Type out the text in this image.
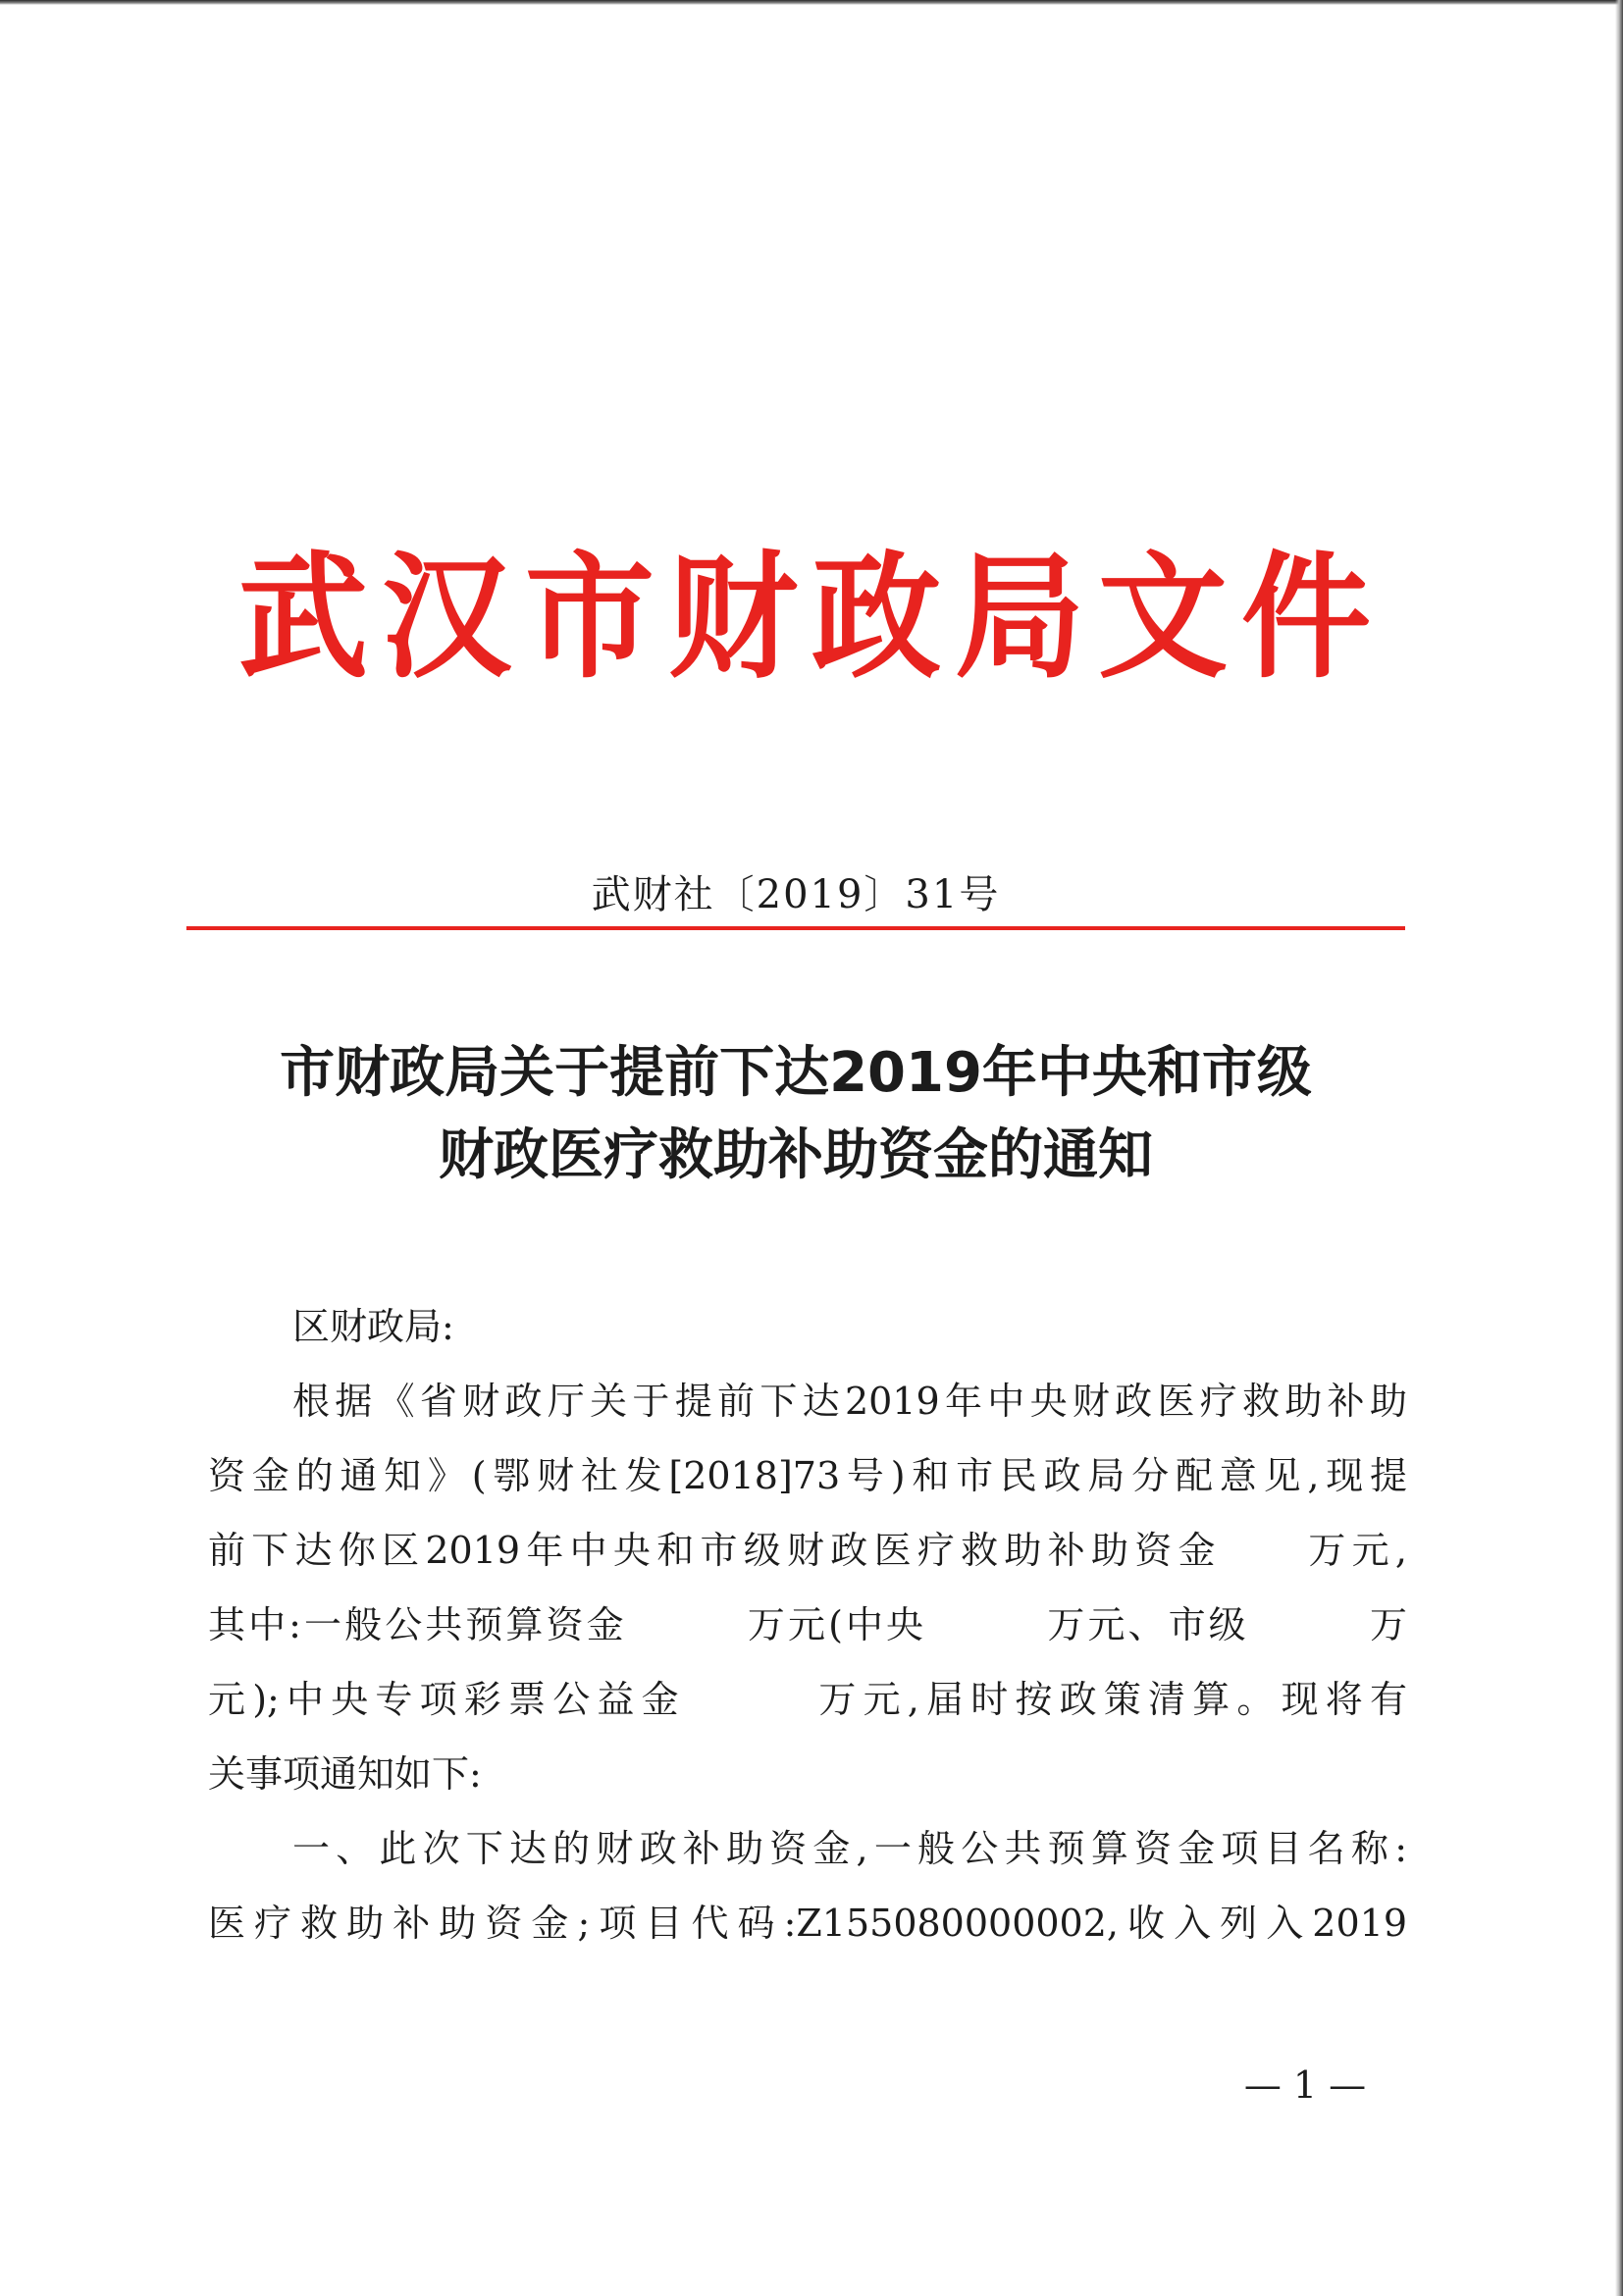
武汉市财政局文件
武财社〔2019〕31号
市财政局关于提前下达2019年中央和市级
财政医疗救助补助资金的通知
区财政局:
根据《省财政厅关于提前下达2019年中央财政医疗救助补助
资金的通知》(鄂财社发[2018]73号)和市民政局分配意见,现提
前下达你区2019年中央和市级财政医疗救助补助资金　　万元,
其中:一般公共预算资金　　　万元(中央　　　万元、市级　　　万
元);中央专项彩票公益金　　　万元,届时按政策清算。现将有
关事项通知如下:
一、此次下达的财政补助资金,一般公共预算资金项目名称:
医疗救助补助资金;项目代码:Z155080000002,收入列入2019
— 1 —
